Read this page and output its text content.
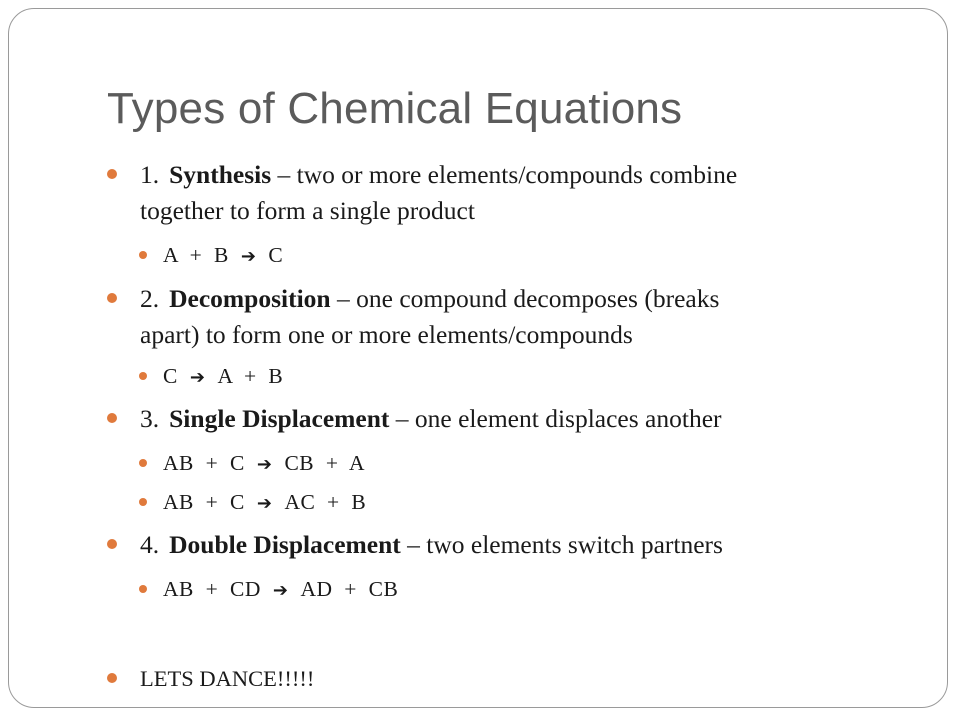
Types of Chemical Equations
1. Synthesis – two or more elements/compounds combine
together to form a single product
A  +  B ➔ C
2. Decomposition – one compound decomposes (breaks
apart) to form one or more elements/compounds
C ➔ A  +  B
3. Single Displacement – one element displaces another
AB  +  C ➔ CB  +  A
AB  +  C ➔ AC  +  B
4. Double Displacement – two elements switch partners
AB  +  CD ➔ AD  +  CB
LETS DANCE!!!!!
